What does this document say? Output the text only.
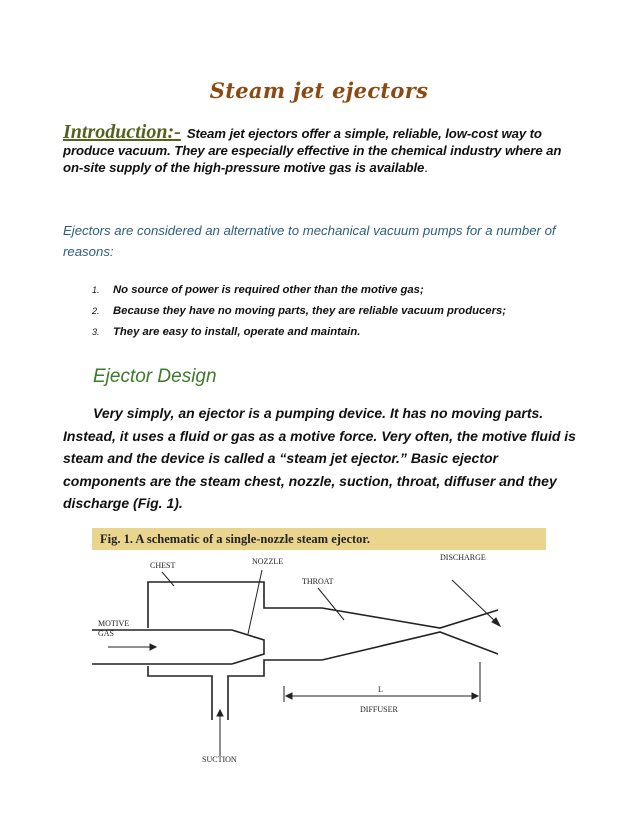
Steam jet ejectors
Introduction:- Steam jet ejectors offer a simple, reliable, low-cost way to produce vacuum. They are especially effective in the chemical industry where an on-site supply of the high-pressure motive gas is available.
Ejectors are considered an alternative to mechanical vacuum pumps for a number of reasons:
1. No source of power is required other than the motive gas;
2. Because they have no moving parts, they are reliable vacuum producers;
3. They are easy to install, operate and maintain.
Ejector Design
Very simply, an ejector is a pumping device. It has no moving parts. Instead, it uses a fluid or gas as a motive force. Very often, the motive fluid is steam and the device is called a “steam jet ejector.” Basic ejector components are the steam chest, nozzle, suction, throat, diffuser and they discharge (Fig. 1).
Fig. 1. A schematic of a single-nozzle steam ejector.
CHEST	NOZZLE
THROAT
DISCHARGE
MOTIVE
GAS
L
DIFFUSER
SUCTION
